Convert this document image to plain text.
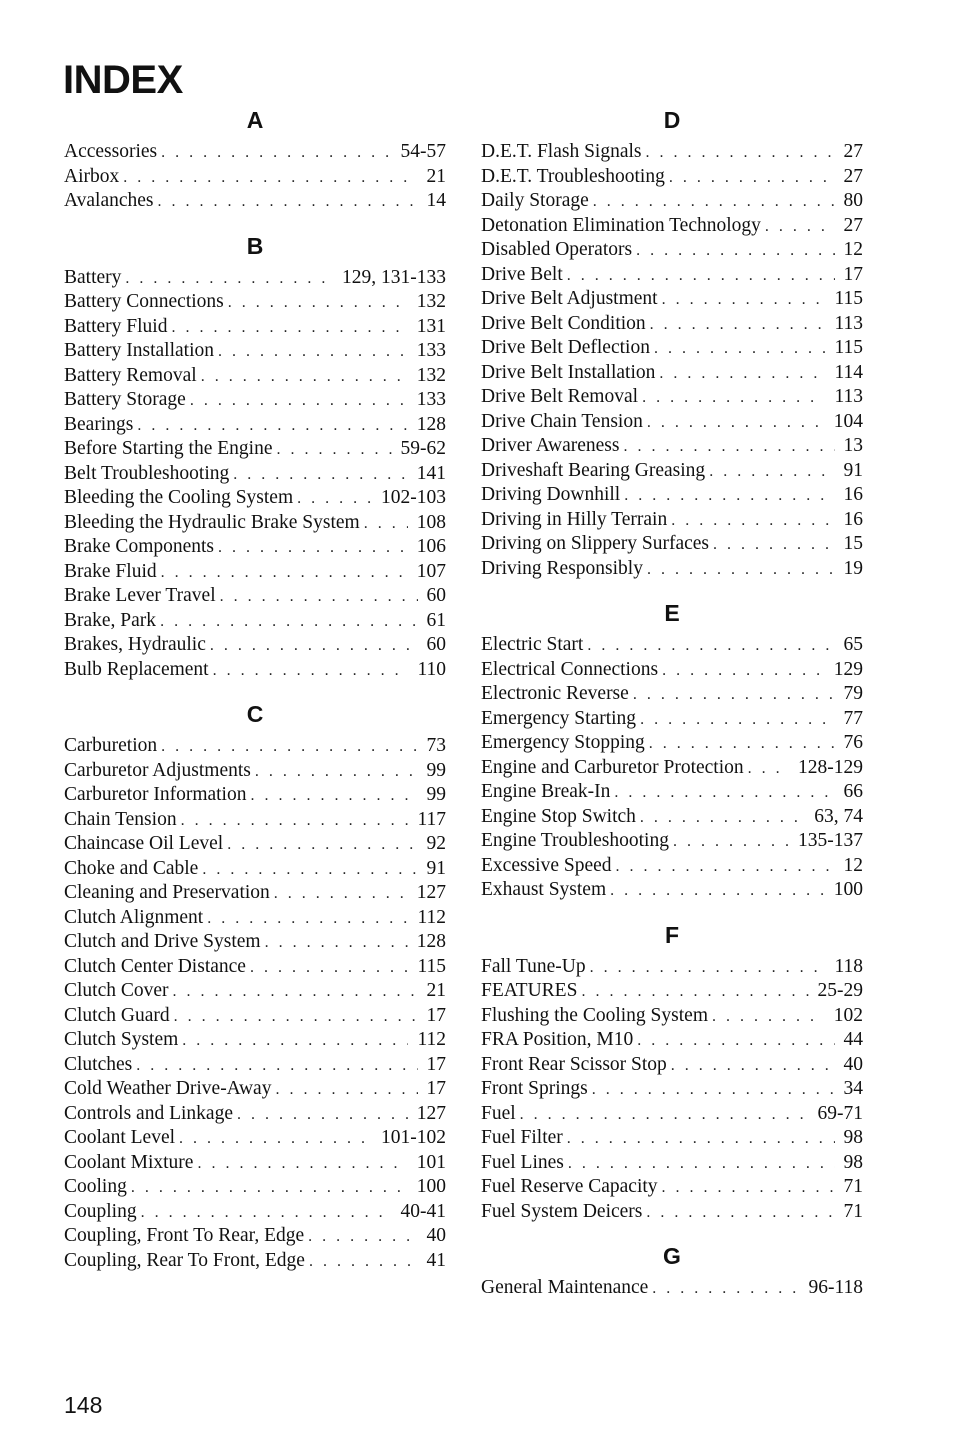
INDEX
A
Accessories . . .	54-57
Airbox . . .	21
Avalanches . . .	14
B
Battery . . .	129, 131-133
Battery Connections . . .	132
Battery Fluid . . .	131
Battery Installation . . .	133
Battery Removal . . .	132
Battery Storage . . .	133
Bearings . . .	128
Before Starting the Engine . . .	59-62
Belt Troubleshooting . . .	141
Bleeding the Cooling System . . .	102-103
Bleeding the Hydraulic Brake System . . .	108
Brake Components . . .	106
Brake Fluid . . .	107
Brake Lever Travel . . .	60
Brake, Park . . .	61
Brakes, Hydraulic . . .	60
Bulb Replacement . . .	110
C
Carburetion . . .	73
Carburetor Adjustments . . .	99
Carburetor Information . . .	99
Chain Tension . . .	117
Chaincase Oil Level . . .	92
Choke and Cable . . .	91
Cleaning and Preservation . . .	127
Clutch Alignment . . .	112
Clutch and Drive System . . .	128
Clutch Center Distance . . .	115
Clutch Cover . . .	21
Clutch Guard . . .	17
Clutch System . . .	112
Clutches . . .	17
Cold Weather Drive-Away . . .	17
Controls and Linkage . . .	127
Coolant Level . . .	101-102
Coolant Mixture . . .	101
Cooling . . .	100
Coupling . . .	40-41
Coupling, Front To Rear, Edge . . .	40
Coupling, Rear To Front, Edge . . .	41
D
D.E.T. Flash Signals . . .	27
D.E.T. Troubleshooting . . .	27
Daily Storage . . .	80
Detonation Elimination Technology . . .	27
Disabled Operators . . .	12
Drive Belt . . .	17
Drive Belt Adjustment . . .	115
Drive Belt Condition . . .	113
Drive Belt Deflection . . .	115
Drive Belt Installation . . .	114
Drive Belt Removal . . .	113
Drive Chain Tension . . .	104
Driver Awareness . . .	13
Driveshaft Bearing Greasing . . .	91
Driving Downhill . . .	16
Driving in Hilly Terrain . . .	16
Driving on Slippery Surfaces . . .	15
Driving Responsibly . . .	19
E
Electric Start . . .	65
Electrical Connections . . .	129
Electronic Reverse . . .	79
Emergency Starting . . .	77
Emergency Stopping . . .	76
Engine and Carburetor Protection . . .	128-129
Engine Break-In . . .	66
Engine Stop Switch . . .	63, 74
Engine Troubleshooting . . .	135-137
Excessive Speed . . .	12
Exhaust System . . .	100
F
Fall Tune-Up . . .	118
FEATURES . . .	25-29
Flushing the Cooling System . . .	102
FRA Position, M10 . . .	44
Front Rear Scissor Stop . . .	40
Front Springs . . .	34
Fuel . . .	69-71
Fuel Filter . . .	98
Fuel Lines . . .	98
Fuel Reserve Capacity . . .	71
Fuel System Deicers . . .	71
G
General Maintenance . . .	96-118
148
